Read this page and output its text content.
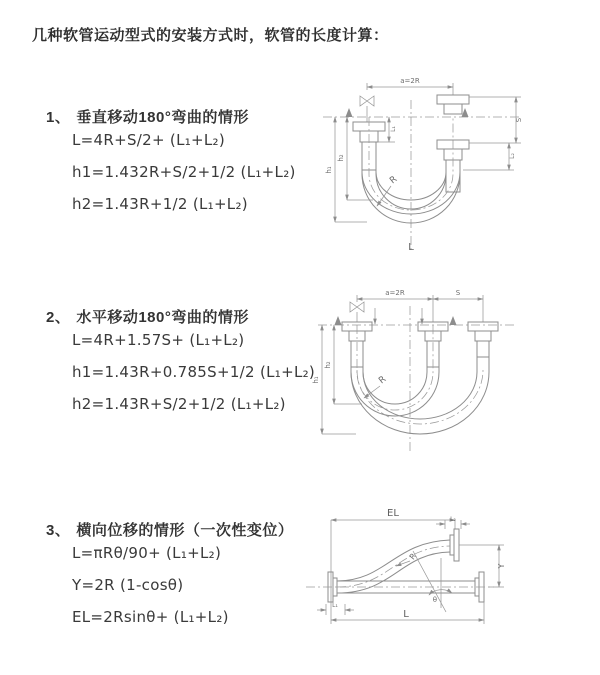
几种软管运动型式的安装方式时，软管的长度计算：

1、 垂直移动180°弯曲的情形

L=4R+S/2+ (L₁+L₂)

h1=1.432R+S/2+1/2 (L₁+L₂)

h2=1.43R+1/2 (L₁+L₂)

2、 水平移动180°弯曲的情形

L=4R+1.57S+ (L₁+L₂)

h1=1.43R+0.785S+1/2 (L₁+L₂)

h2=1.43R+S/2+1/2 (L₁+L₂)

3、 横向位移的情形（一次性变位）

L=πRθ/90+ (L₁+L₂)

Y=2R (1-cosθ)

EL=2Rsinθ+ (L₁+L₂)

a=2R
h₁
h₂
L₁
S
L₂
R
L
a=2R	S
h₁
h₂
R
EL
L₂
Y
R
θ
L₁
L
